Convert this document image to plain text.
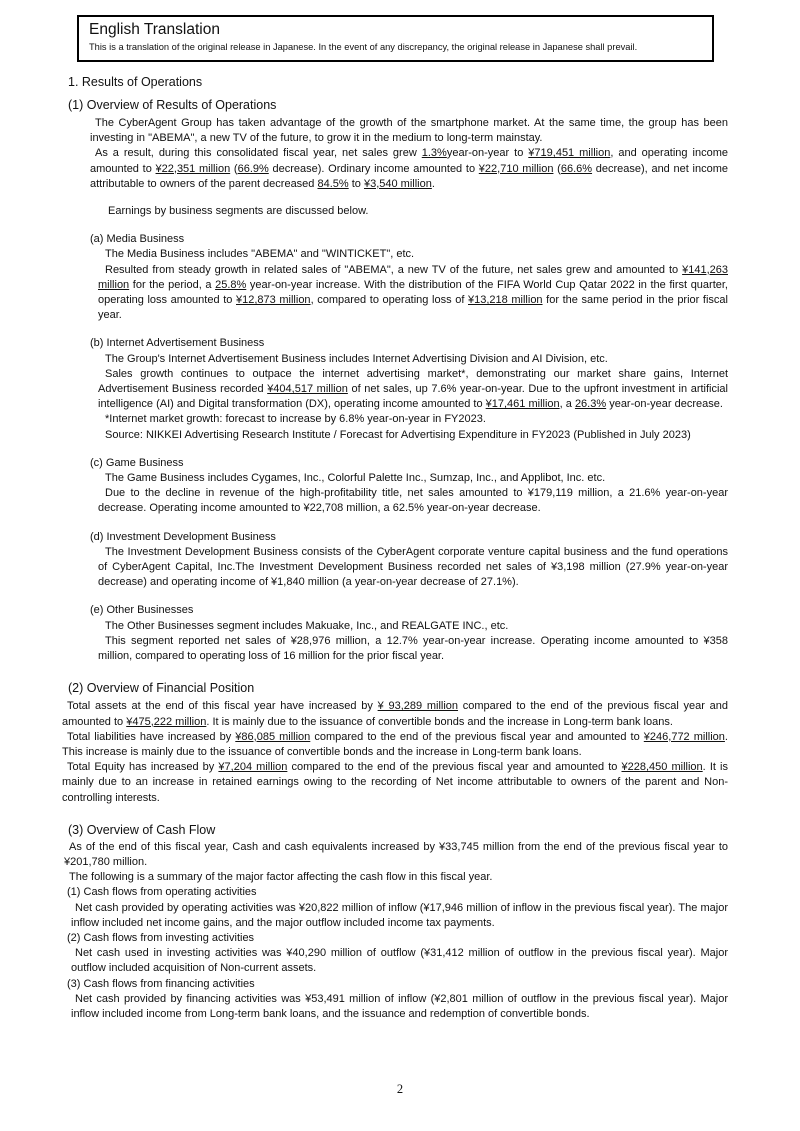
English Translation

This is a translation of the original release in Japanese. In the event of any discrepancy, the original release in Japanese shall prevail.

1. Results of Operations
(1) Overview of Results of Operations

The CyberAgent Group has taken advantage of the growth of the smartphone market. At the same time, the group has been investing in "ABEMA", a new TV of the future, to grow it in the medium to long-term mainstay.

As a result, during this consolidated fiscal year, net sales grew 1.3%year-on-year to ¥719,451 million, and operating income amounted to ¥22,351 million (66.9% decrease). Ordinary income amounted to ¥22,710 million (66.6% decrease), and net income attributable to owners of the parent decreased 84.5% to ¥3,540 million.

Earnings by business segments are discussed below.

(a) Media Business

The Media Business includes "ABEMA" and "WINTICKET", etc.

Resulted from steady growth in related sales of "ABEMA", a new TV of the future, net sales grew and amounted to ¥141,263 million for the period, a 25.8% year-on-year increase. With the distribution of the FIFA World Cup Qatar 2022 in the first quarter, operating loss amounted to ¥12,873 million, compared to operating loss of ¥13,218 million for the same period in the prior fiscal year.

(b) Internet Advertisement Business

The Group's Internet Advertisement Business includes Internet Advertising Division and AI Division, etc.

Sales growth continues to outpace the internet advertising market*, demonstrating our market share gains, Internet Advertisement Business recorded ¥404,517 million of net sales, up 7.6% year-on-year. Due to the upfront investment in artificial intelligence (AI) and Digital transformation (DX), operating income amounted to ¥17,461 million, a 26.3% year-on-year decrease.

*Internet market growth: forecast to increase by 6.8% year-on-year in FY2023.

Source: NIKKEI Advertising Research Institute / Forecast for Advertising Expenditure in FY2023 (Published in July 2023)

(c) Game Business

The Game Business includes Cygames, Inc., Colorful Palette Inc., Sumzap, Inc., and Applibot, Inc. etc.

Due to the decline in revenue of the high-profitability title, net sales amounted to ¥179,119 million, a 21.6% year-on-year decrease. Operating income amounted to ¥22,708 million, a 62.5% year-on-year decrease.

(d) Investment Development Business

The Investment Development Business consists of the CyberAgent corporate venture capital business and the fund operations of CyberAgent Capital, Inc.The Investment Development Business recorded net sales of ¥3,198 million (27.9% year-on-year decrease) and operating income of ¥1,840 million (a year-on-year decrease of 27.1%).

(e) Other Businesses

The Other Businesses segment includes Makuake, Inc., and REALGATE INC., etc.

This segment reported net sales of ¥28,976 million, a 12.7% year-on-year increase. Operating income amounted to ¥358 million, compared to operating loss of 16 million for the prior fiscal year.

(2) Overview of Financial Position

Total assets at the end of this fiscal year have increased by ¥ 93,289 million compared to the end of the previous fiscal year and amounted to ¥475,222 million. It is mainly due to the issuance of convertible bonds and the increase in Long-term bank loans.

Total liabilities have increased by ¥86,085 million compared to the end of the previous fiscal year and amounted to ¥246,772 million. This increase is mainly due to the issuance of convertible bonds and the increase in Long-term bank loans.

Total Equity has increased by ¥7,204 million compared to the end of the previous fiscal year and amounted to ¥228,450 million. It is mainly due to an increase in retained earnings owing to the recording of Net income attributable to owners of the parent and Non-controlling interests.

(3) Overview of Cash Flow

As of the end of this fiscal year, Cash and cash equivalents increased by ¥33,745 million from the end of the previous fiscal year to ¥201,780 million.

The following is a summary of the major factor affecting the cash flow in this fiscal year.

(1) Cash flows from operating activities

Net cash provided by operating activities was ¥20,822 million of inflow (¥17,946 million of inflow in the previous fiscal year). The major inflow included net income gains, and the major outflow included income tax payments.

(2) Cash flows from investing activities

Net cash used in investing activities was ¥40,290 million of outflow (¥31,412 million of outflow in the previous fiscal year). Major outflow included acquisition of Non-current assets.

(3) Cash flows from financing activities

Net cash provided by financing activities was ¥53,491 million of inflow (¥2,801 million of outflow in the previous fiscal year). Major inflow included income from Long-term bank loans, and the issuance and redemption of convertible bonds.

2
